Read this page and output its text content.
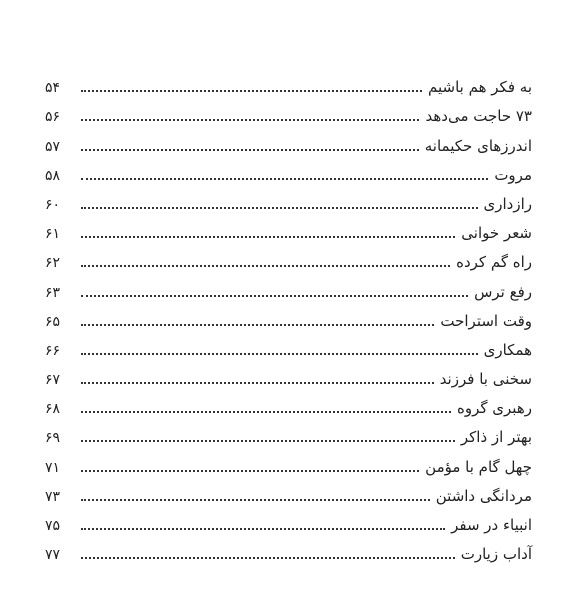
به فکر هم باشیم
۵۴
۷۳ حاجت می‌دهد
۵۶
اندرزهای حکیمانه
۵۷
مروت
۵۸
رازداری
۶۰
شعر خوانی
۶۱
راه گم کرده
۶۲
رفع ترس
۶۳
وقت استراحت
۶۵
همکاری
۶۶
سخنی با فرزند
۶۷
رهبری گروه
۶۸
بهتر از ذاکر
۶۹
چهل گام با مؤمن
۷۱
مردانگی داشتن
۷۳
انبیاء در سفر
۷۵
آداب زیارت
۷۷
